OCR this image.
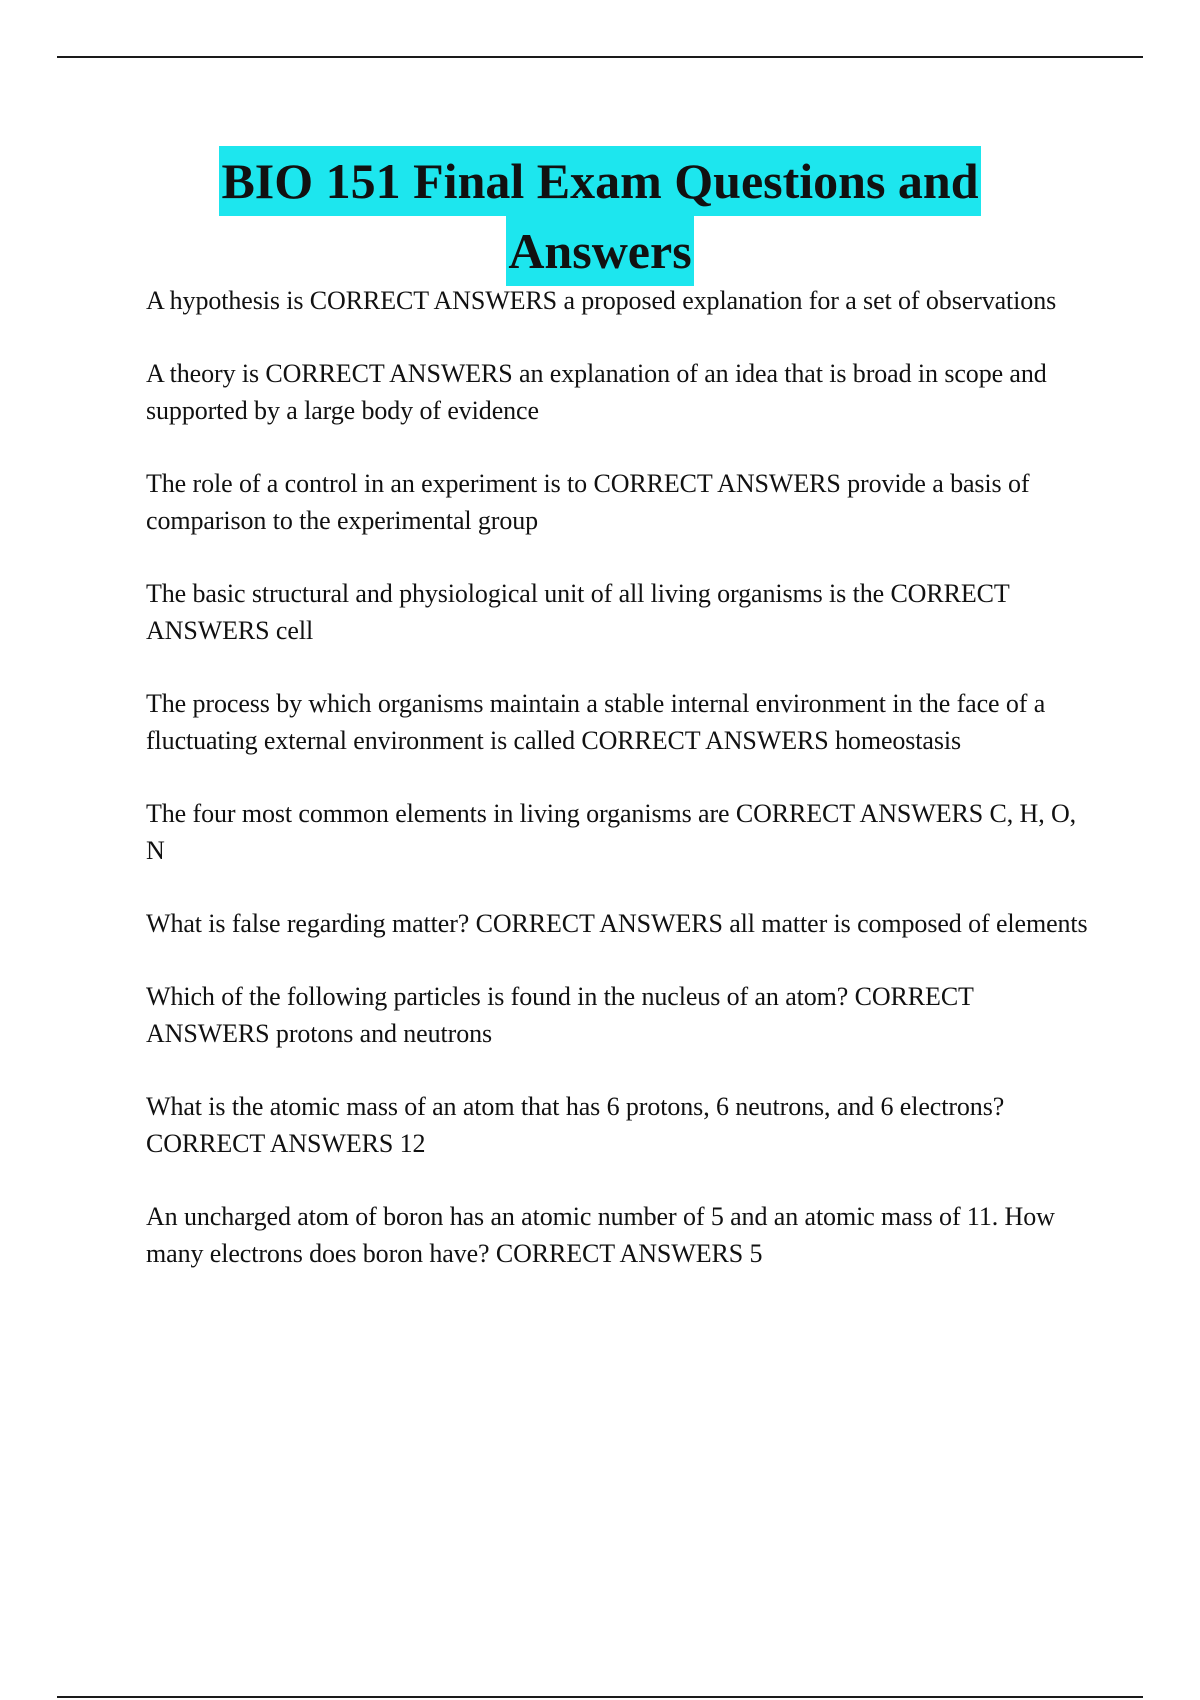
BIO 151 Final Exam Questions and
Answers
A hypothesis is CORRECT ANSWERS a proposed explanation for a set of observations
A theory is CORRECT ANSWERS an explanation of an idea that is broad in scope and supported by a large body of evidence
The role of a control in an experiment is to CORRECT ANSWERS provide a basis of comparison to the experimental group
The basic structural and physiological unit of all living organisms is the CORRECT ANSWERS cell
The process by which organisms maintain a stable internal environment in the face of a fluctuating external environment is called CORRECT ANSWERS homeostasis
The four most common elements in living organisms are CORRECT ANSWERS C, H, O, N
What is false regarding matter? CORRECT ANSWERS all matter is composed of elements
Which of the following particles is found in the nucleus of an atom? CORRECT ANSWERS protons and neutrons
What is the atomic mass of an atom that has 6 protons, 6 neutrons, and 6 electrons? CORRECT ANSWERS 12
An uncharged atom of boron has an atomic number of 5 and an atomic mass of 11. How many electrons does boron have? CORRECT ANSWERS 5
